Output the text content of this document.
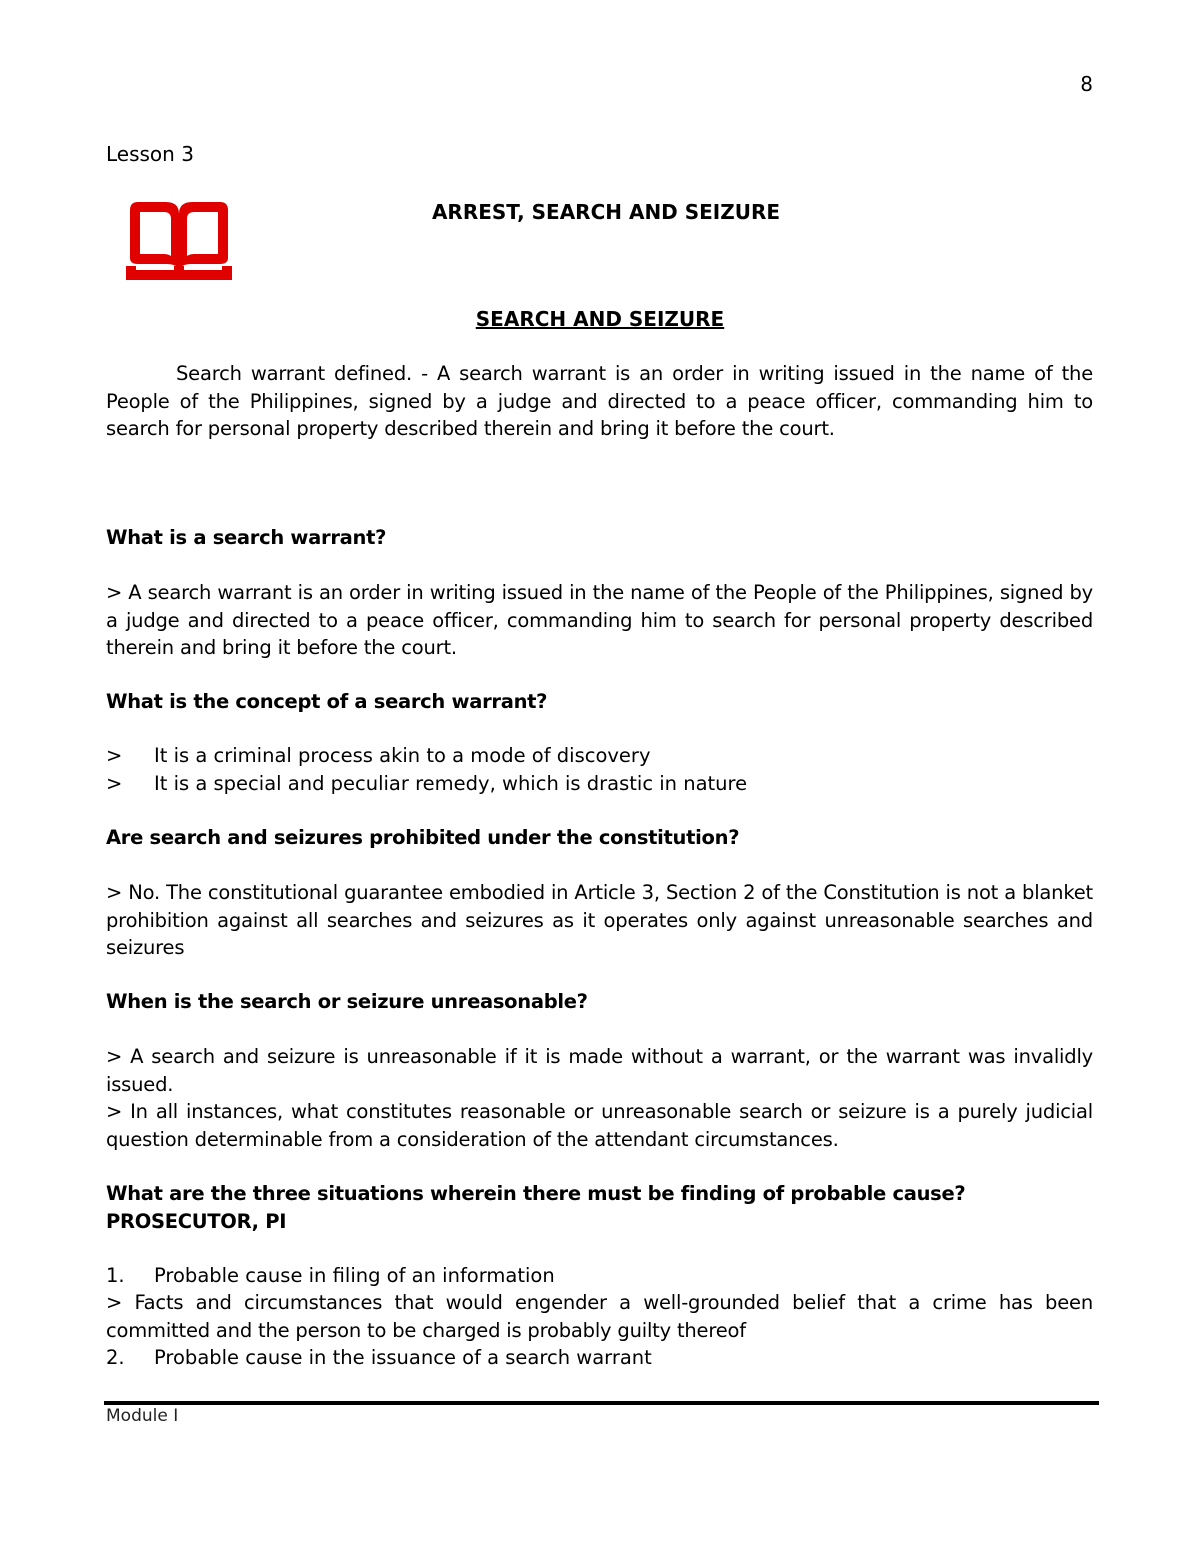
8
Lesson 3
ARREST, SEARCH AND SEIZURE
SEARCH AND SEIZURE

Search warrant defined. - A search warrant is an order in writing issued in the name of the People of the Philippines, signed by a judge and directed to a peace officer, commanding him to search for personal property described therein and bring it before the court.

What is a search warrant?

> A search warrant is an order in writing issued in the name of the People of the Philippines, signed by a judge and directed to a peace officer, commanding him to search for personal property described therein and bring it before the court.

What is the concept of a search warrant?

> It is a criminal process akin to a mode of discovery
> It is a special and peculiar remedy, which is drastic in nature

Are search and seizures prohibited under the constitution?

> No. The constitutional guarantee embodied in Article 3, Section 2 of the Constitution is not a blanket prohibition against all searches and seizures as it operates only against unreasonable searches and seizures

When is the search or seizure unreasonable?

> A search and seizure is unreasonable if it is made without a warrant, or the warrant was invalidly issued.

> In all instances, what constitutes reasonable or unreasonable search or seizure is a purely judicial question determinable from a consideration of the attendant circumstances.

What are the three situations wherein there must be finding of probable cause? PROSECUTOR, PI

1. Probable cause in filing of an information

> Facts and circumstances that would engender a well-grounded belief that a crime has been committed and the person to be charged is probably guilty thereof

2. Probable cause in the issuance of a search warrant
Module I
